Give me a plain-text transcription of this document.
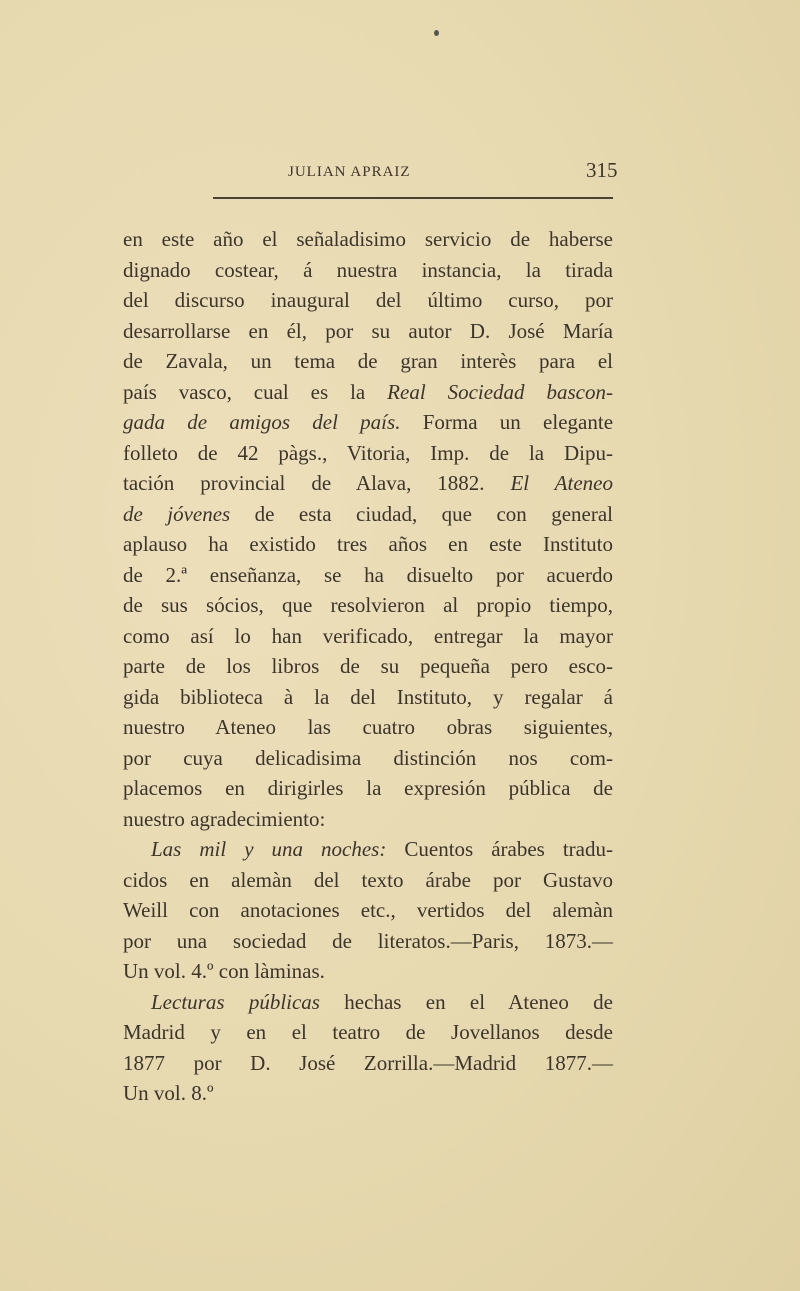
JULIAN APRAIZ	315
en este año el señaladisimo servicio de haberse
dignado costear, á nuestra instancia, la tirada
del discurso inaugural del último curso, por
desarrollarse en él, por su autor D. José María
de Zavala, un tema de gran interès para el
país vasco, cual es la Real Sociedad bascon-
gada de amigos del país. Forma un elegante
folleto de 42 pàgs., Vitoria, Imp. de la Dipu-
tación provincial de Alava, 1882. El Ateneo
de jóvenes de esta ciudad, que con general
aplauso ha existido tres años en este Instituto
de 2.ª enseñanza, se ha disuelto por acuerdo
de sus sócios, que resolvieron al propio tiempo,
como así lo han verificado, entregar la mayor
parte de los libros de su pequeña pero esco-
gida biblioteca à la del Instituto, y regalar á
nuestro Ateneo las cuatro obras siguientes,
por cuya delicadisima distinción nos com-
placemos en dirigirles la expresión pública de
nuestro agradecimiento:
Las mil y una noches: Cuentos árabes tradu-
cidos en alemàn del texto árabe por Gustavo
Weill con anotaciones etc., vertidos del alemàn
por una sociedad de literatos.—Paris, 1873.—
Un vol. 4.º con làminas.
Lecturas públicas hechas en el Ateneo de
Madrid y en el teatro de Jovellanos desde
1877 por D. José Zorrilla.—Madrid 1877.—
Un vol. 8.º
